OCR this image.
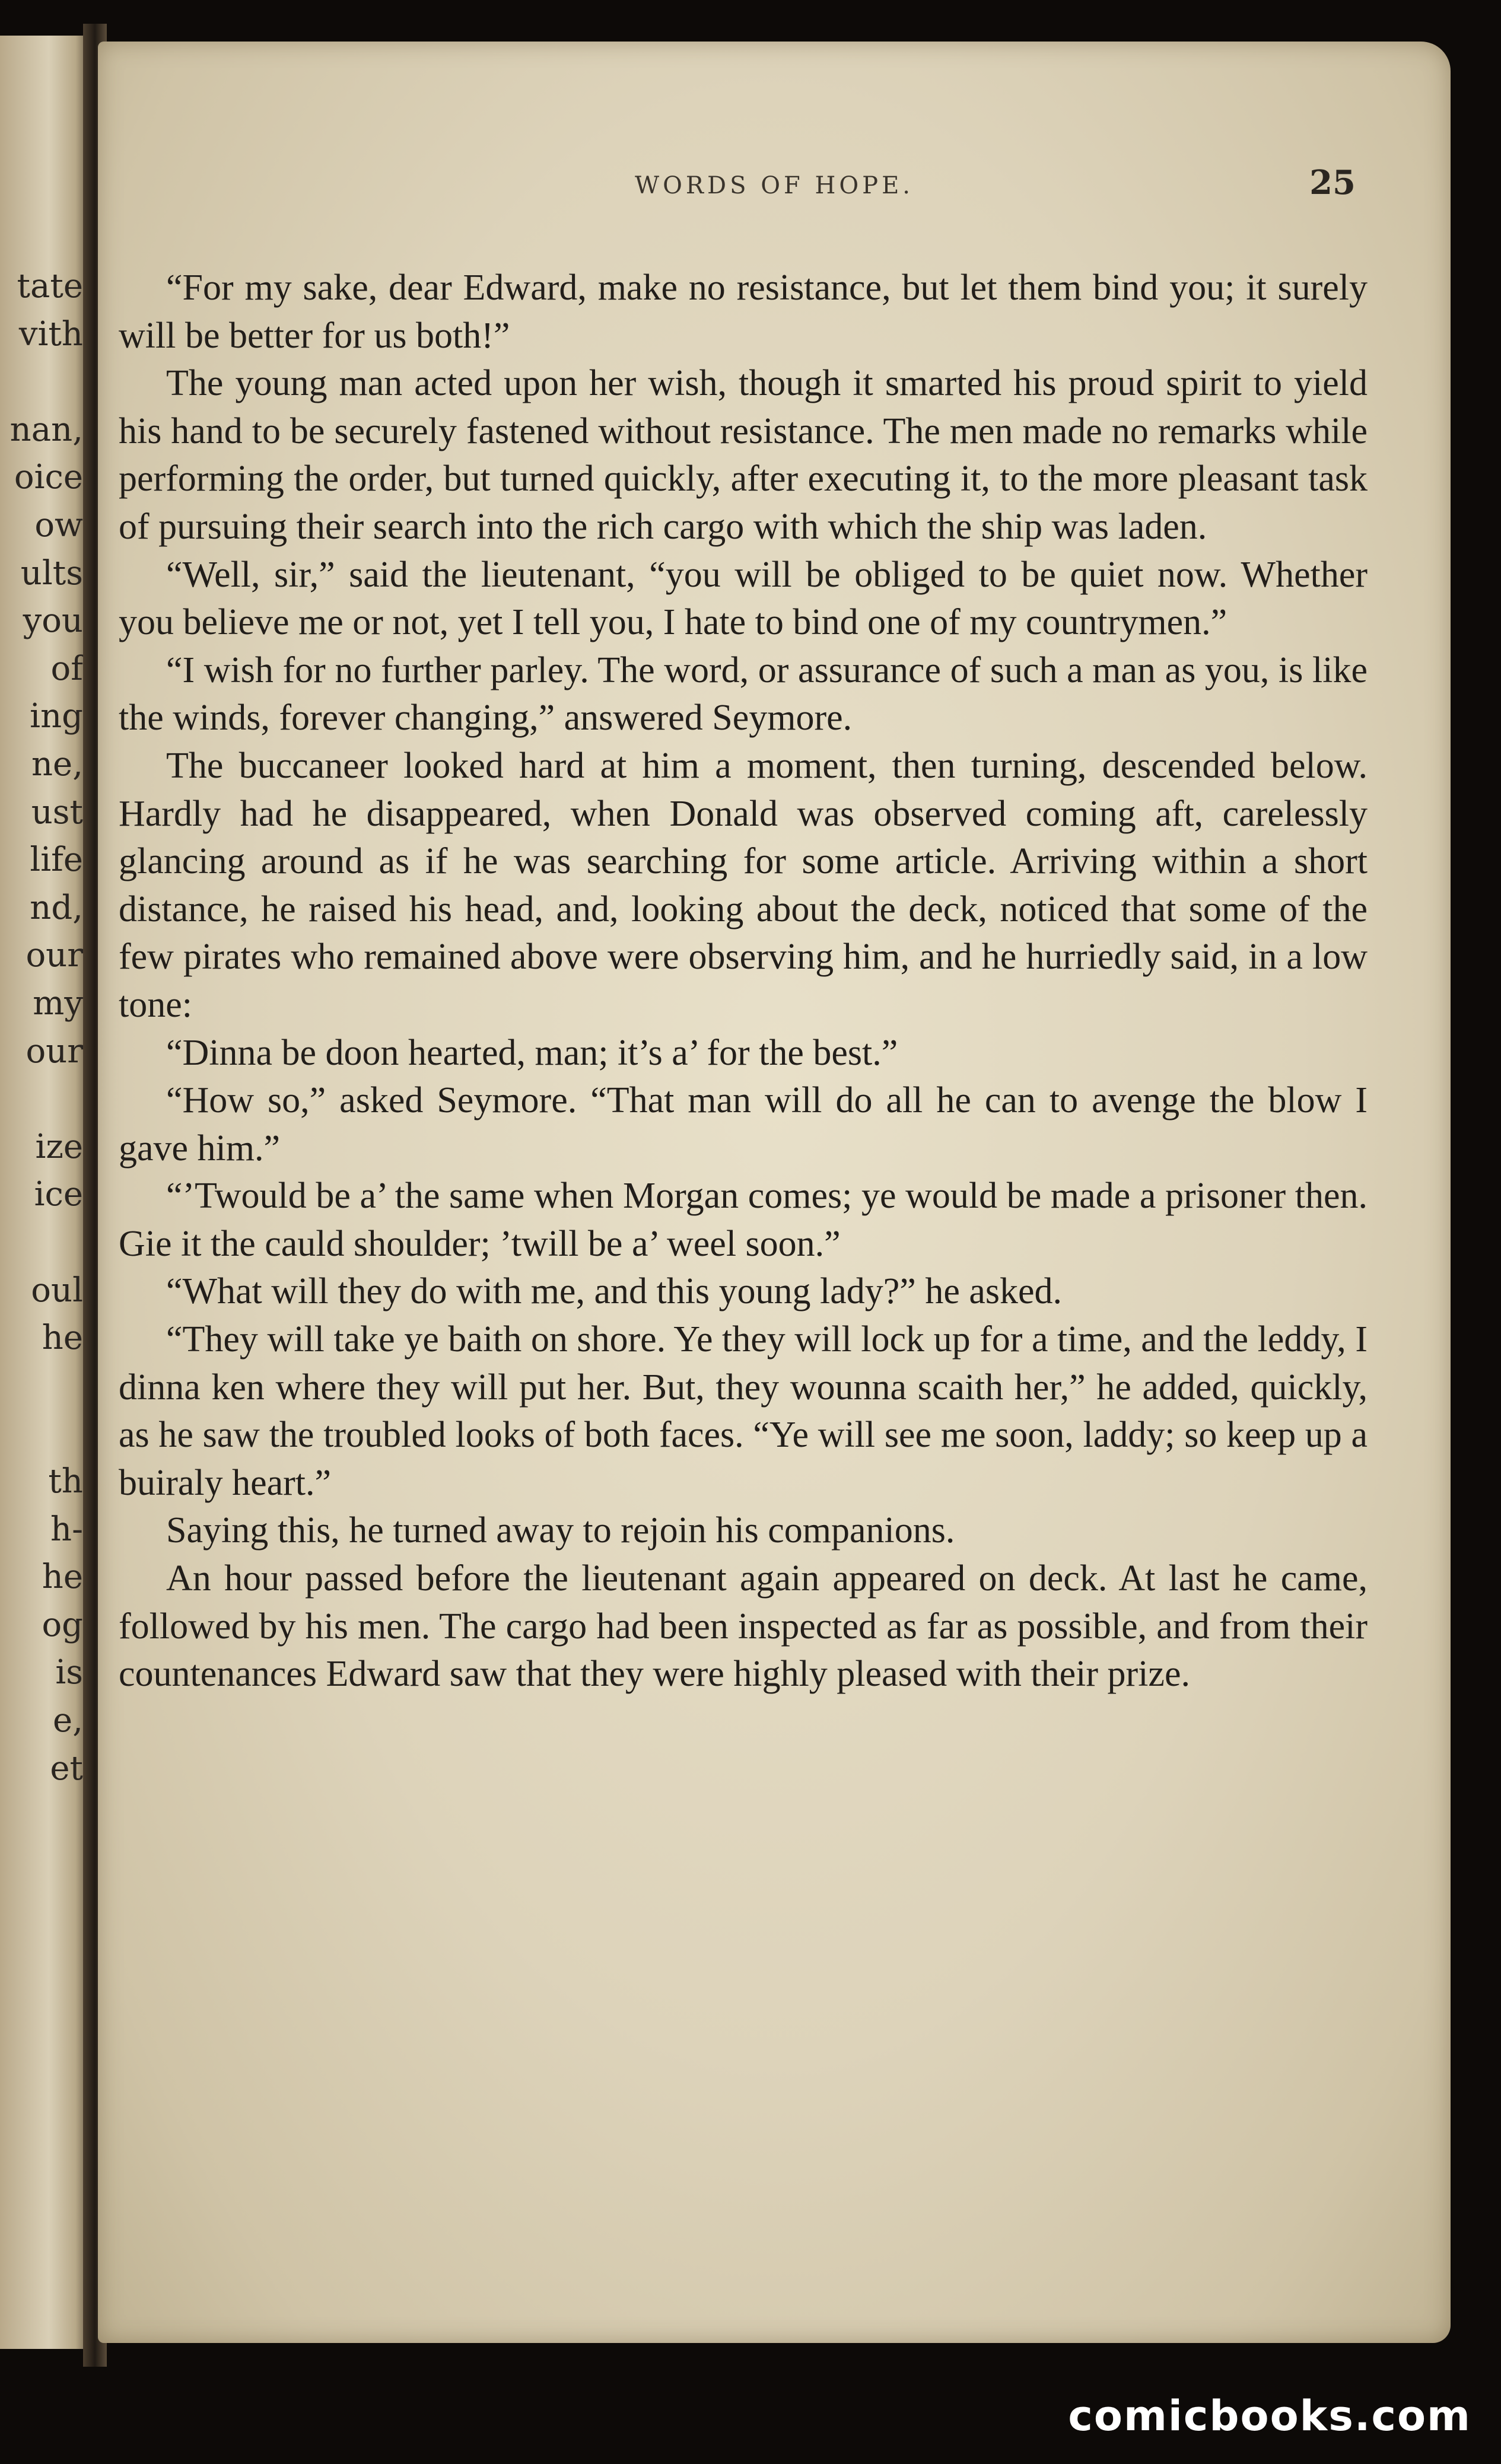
tate
vith
nan,
oice
ow
ults
you
of
ing
ne,
ust
life
nd,
our
my
our
ize
ice
oul
he
th
h-
he
og
is
e,
et
WORDS OF HOPE.	25

“For my sake, dear Edward, make no resistance, but let them bind you; it surely will be better for us both!”

The young man acted upon her wish, though it smarted his proud spirit to yield his hand to be securely fastened without resistance. The men made no remarks while performing the order, but turned quickly, after executing it, to the more pleasant task of pursuing their search into the rich cargo with which the ship was laden.

“Well, sir,” said the lieutenant, “you will be obliged to be quiet now. Whether you believe me or not, yet I tell you, I hate to bind one of my countrymen.”

“I wish for no further parley. The word, or assurance of such a man as you, is like the winds, forever changing,” answered Seymore.

The buccaneer looked hard at him a moment, then turning, descended below. Hardly had he disappeared, when Donald was observed coming aft, carelessly glancing around as if he was searching for some article. Arriving within a short distance, he raised his head, and, looking about the deck, noticed that some of the few pirates who remained above were observing him, and he hurriedly said, in a low tone:

“Dinna be doon hearted, man; it’s a’ for the best.”

“How so,” asked Seymore. “That man will do all he can to avenge the blow I gave him.”

“’Twould be a’ the same when Morgan comes; ye would be made a prisoner then. Gie it the cauld shoulder; ’twill be a’ weel soon.”

“What will they do with me, and this young lady?” he asked.

“They will take ye baith on shore. Ye they will lock up for a time, and the leddy, I dinna ken where they will put her. But, they wounna scaith her,” he added, quickly, as he saw the troubled looks of both faces. “Ye will see me soon, laddy; so keep up a buiraly heart.”

Saying this, he turned away to rejoin his companions.

An hour passed before the lieutenant again appeared on deck. At last he came, followed by his men. The cargo had been inspected as far as possible, and from their countenances Edward saw that they were highly pleased with their prize.

comicbooks.com
